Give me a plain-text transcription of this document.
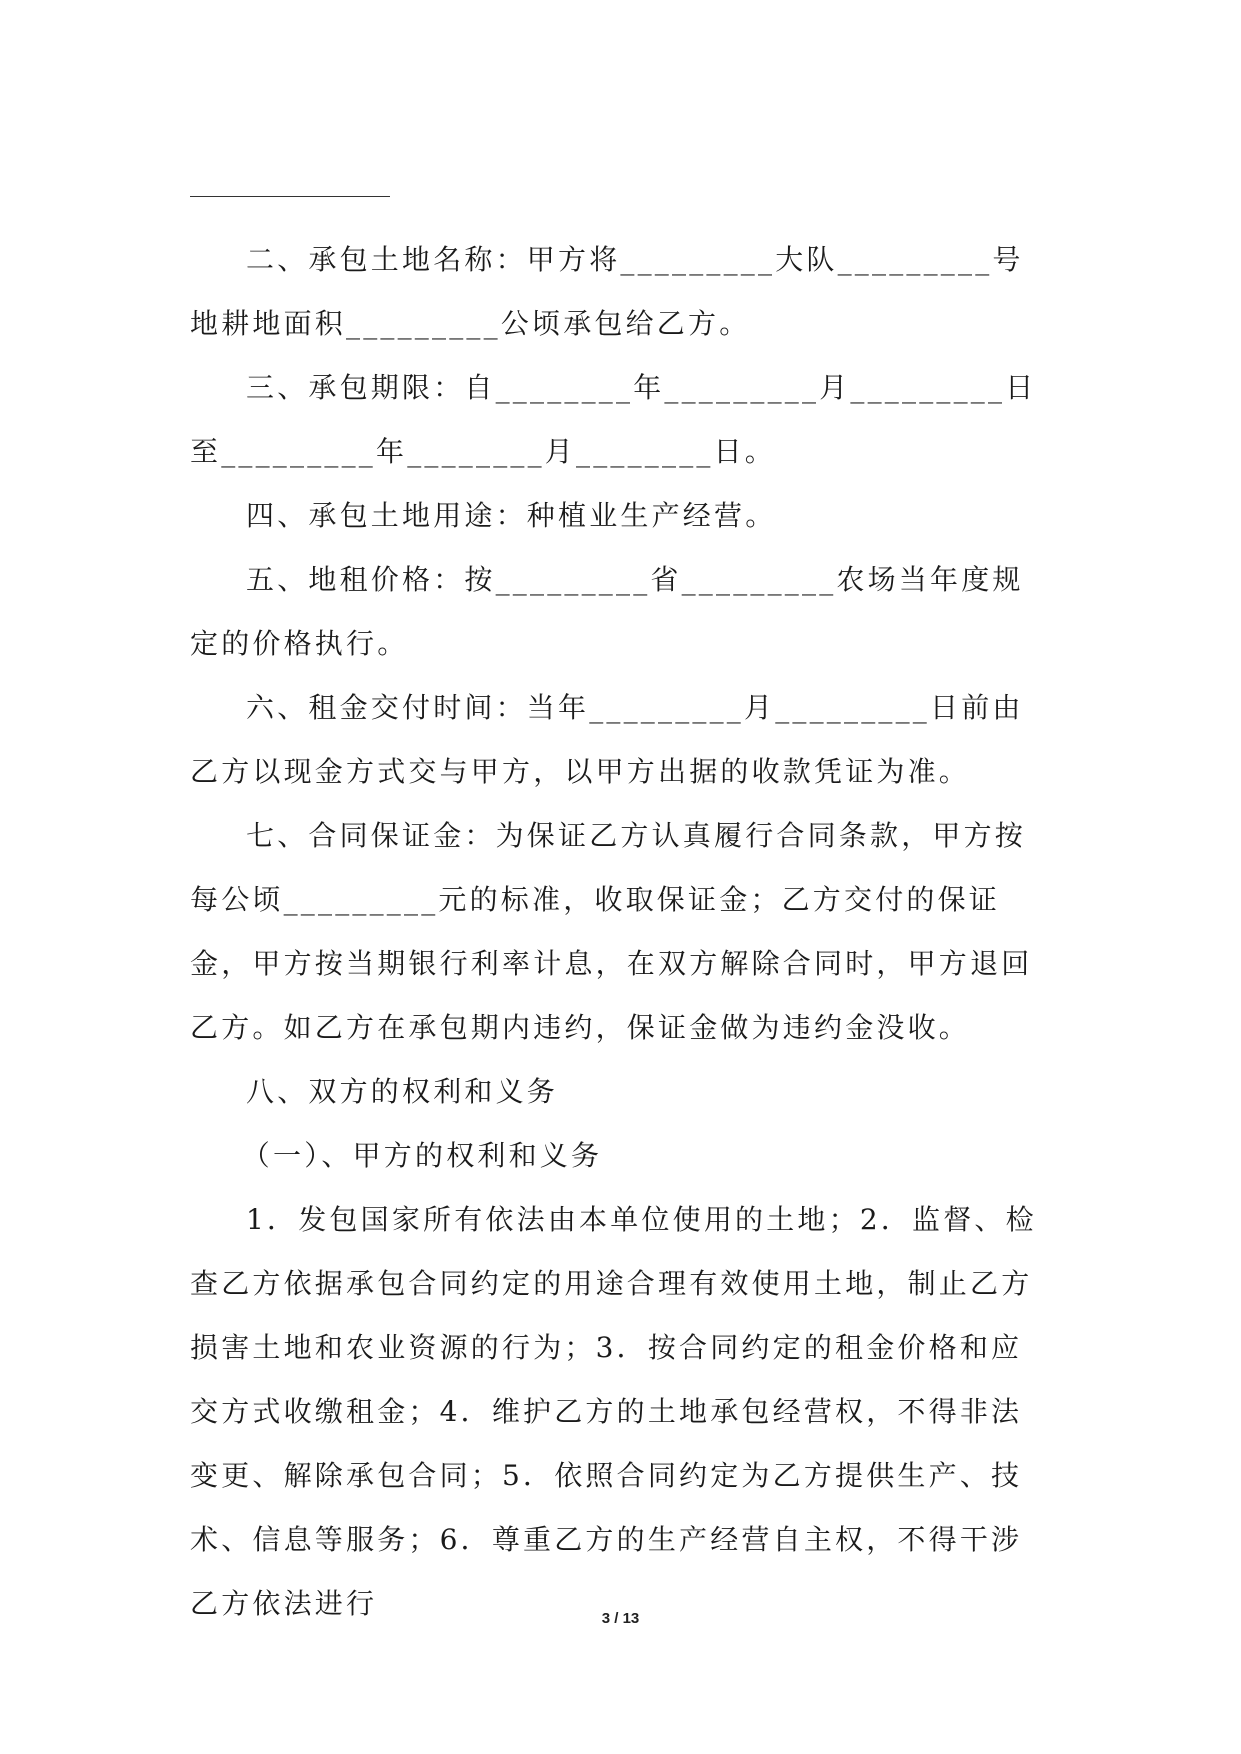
二、承包土地名称：甲方将_________大队_________号地耕地面积_________公顷承包给乙方。

三、承包期限：自________年_________月_________日至_________年________月________日。

四、承包土地用途：种植业生产经营。

五、地租价格：按_________省_________农场当年度规定的价格执行。

六、租金交付时间：当年_________月_________日前由乙方以现金方式交与甲方，以甲方出据的收款凭证为准。

七、合同保证金：为保证乙方认真履行合同条款，甲方按每公顷_________元的标准，收取保证金；乙方交付的保证金，甲方按当期银行利率计息，在双方解除合同时，甲方退回乙方。如乙方在承包期内违约，保证金做为违约金没收。

八、双方的权利和义务

（一）、甲方的权利和义务

1．发包国家所有依法由本单位使用的土地；2．监督、检查乙方依据承包合同约定的用途合理有效使用土地，制止乙方损害土地和农业资源的行为；3．按合同约定的租金价格和应交方式收缴租金；4．维护乙方的土地承包经营权，不得非法变更、解除承包合同；5．依照合同约定为乙方提供生产、技术、信息等服务；6．尊重乙方的生产经营自主权，不得干涉乙方依法进行	3 / 13
